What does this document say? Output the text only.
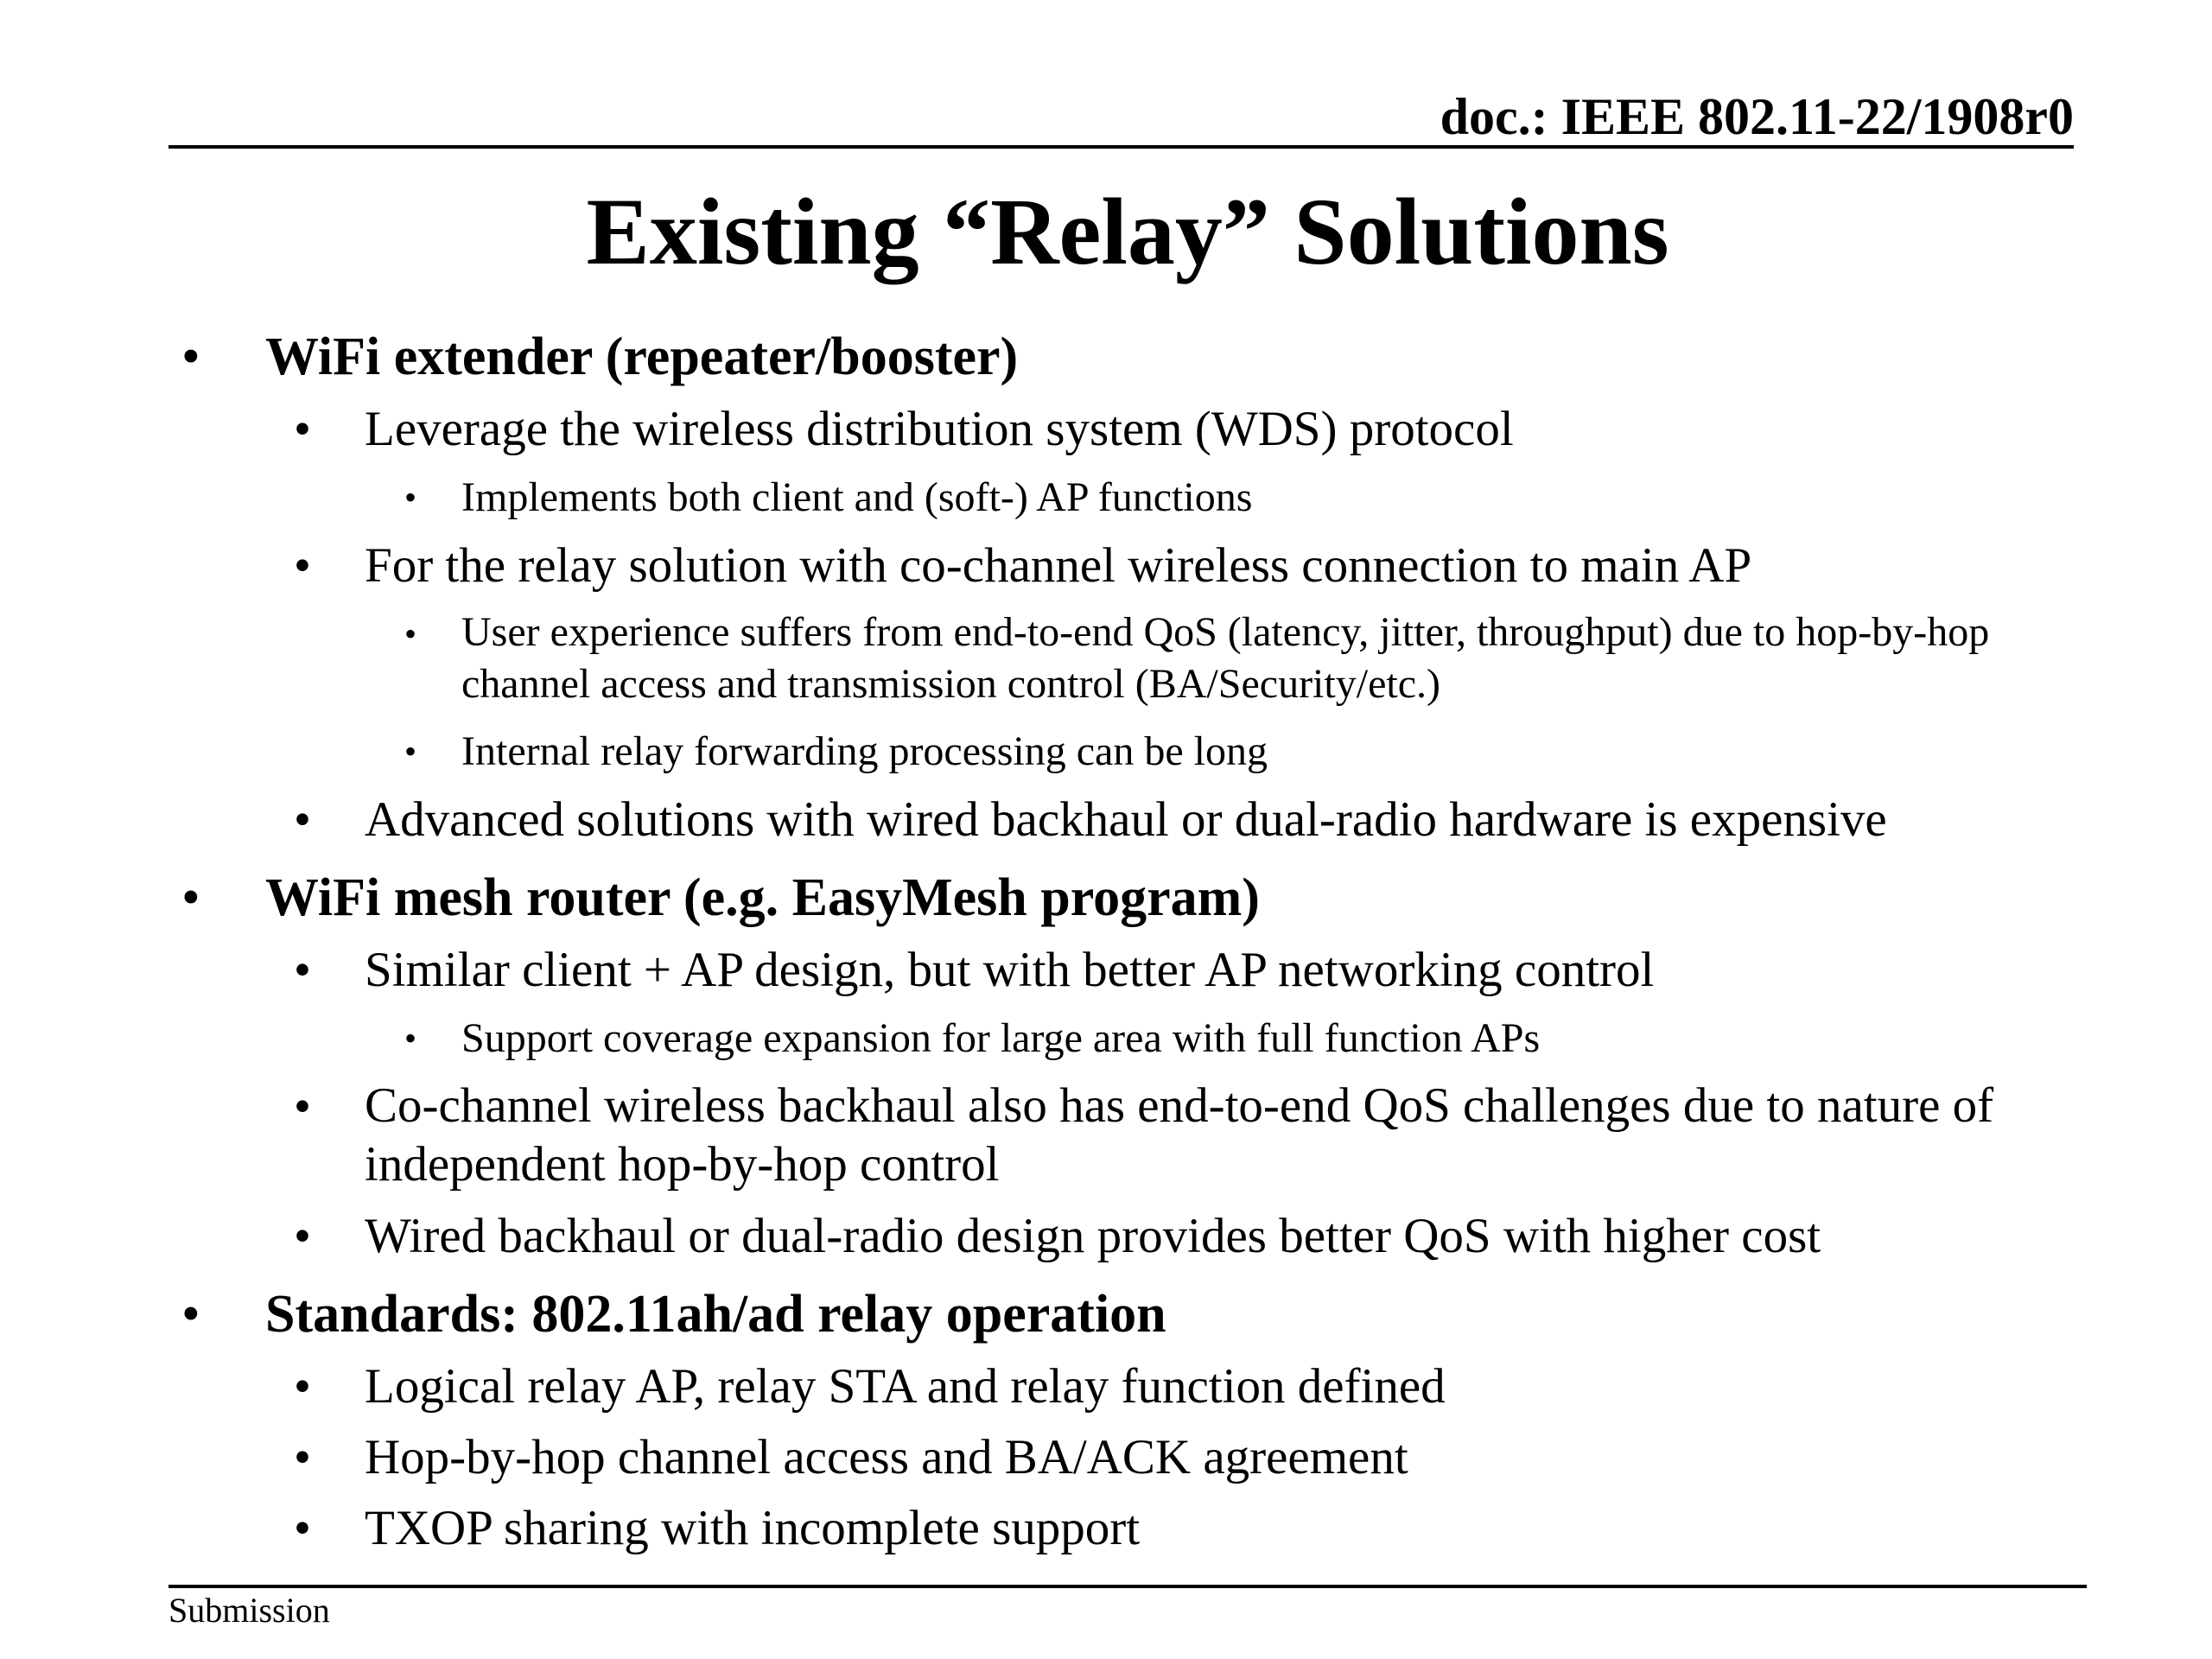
doc.: IEEE 802.11-22/1908r0
Existing “Relay” Solutions
• WiFi extender (repeater/booster)
• Leverage the wireless distribution system (WDS) protocol
• Implements both client and (soft-) AP functions
• For the relay solution with co-channel wireless connection to main AP
• User experience suffers from end-to-end QoS (latency, jitter, throughput) due to hop-by-hop
channel access and transmission control (BA/Security/etc.)
• Internal relay forwarding processing can be long
• Advanced solutions with wired backhaul or dual-radio hardware is expensive
• WiFi mesh router (e.g. EasyMesh program)
• Similar client + AP design, but with better AP networking control
• Support coverage expansion for large area with full function APs
• Co-channel wireless backhaul also has end-to-end QoS challenges due to nature of
independent hop-by-hop control
• Wired backhaul or dual-radio design provides better QoS with higher cost
• Standards: 802.11ah/ad relay operation
• Logical relay AP, relay STA and relay function defined
• Hop-by-hop channel access and BA/ACK agreement
• TXOP sharing with incomplete support
Submission
